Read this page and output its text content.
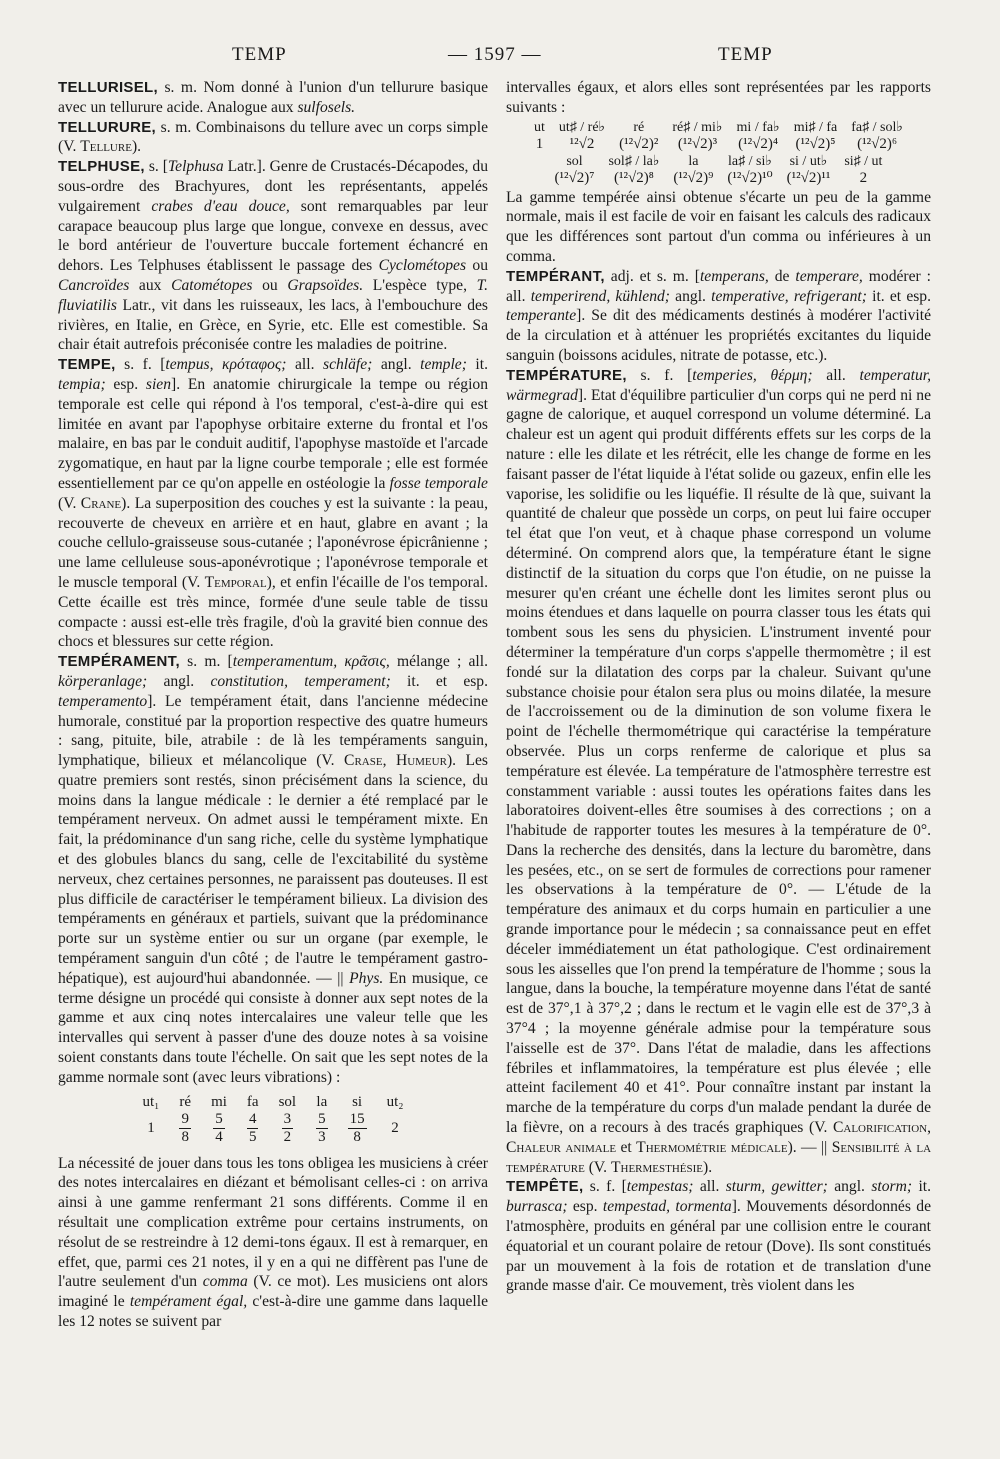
TEMP	— 1597 —	TEMP

TELLURISEL, s. m. Nom donné à l'union d'un tellurure basique avec un tellurure acide. Analogue aux sulfosels.

TELLURURE, s. m. Combinaisons du tellure avec un corps simple (V. Tellure).

TELPHUSE, s. [Telphusa Latr.]. Genre de Crustacés-Décapodes, du sous-ordre des Brachyures, dont les représentants, appelés vulgairement crabes d'eau douce, sont remarquables par leur carapace beaucoup plus large que longue, convexe en dessus, avec le bord antérieur de l'ouverture buccale fortement échancré en dehors. Les Telphuses établissent le passage des Cyclométopes ou Cancroïdes aux Catométopes ou Grapsoïdes. L'espèce type, T. fluviatilis Latr., vit dans les ruisseaux, les lacs, à l'embouchure des rivières, en Italie, en Grèce, en Syrie, etc. Elle est comestible. Sa chair était autrefois préconisée contre les maladies de poitrine.

TEMPE, s. f. [tempus, κρόταφος; all. schläfe; angl. temple; it. tempia; esp. sien]. En anatomie chirurgicale la tempe ou région temporale est celle qui répond à l'os temporal, c'est-à-dire qui est limitée en avant par l'apophyse orbitaire externe du frontal et l'os malaire, en bas par le conduit auditif, l'apophyse mastoïde et l'arcade zygomatique, en haut par la ligne courbe temporale ; elle est formée essentiellement par ce qu'on appelle en ostéologie la fosse temporale (V. Crane). La superposition des couches y est la suivante : la peau, recouverte de cheveux en arrière et en haut, glabre en avant ; la couche cellulo-graisseuse sous-cutanée ; l'aponévrose épicrânienne ; une lame celluleuse sous-aponévrotique ; l'aponévrose temporale et le muscle temporal (V. Temporal), et enfin l'écaille de l'os temporal. Cette écaille est très mince, formée d'une seule table de tissu compacte : aussi est-elle très fragile, d'où la gravité bien connue des chocs et blessures sur cette région.

TEMPÉRAMENT, s. m. [temperamentum, κρᾶσις, mélange ; all. körperanlage; angl. constitution, temperament; it. et esp. temperamento]. Le tempérament était, dans l'ancienne médecine humorale, constitué par la proportion respective des quatre humeurs : sang, pituite, bile, atrabile : de là les tempéraments sanguin, lymphatique, bilieux et mélancolique (V. Crase, Humeur). Les quatre premiers sont restés, sinon précisément dans la science, du moins dans la langue médicale : le dernier a été remplacé par le tempérament nerveux. On admet aussi le tempérament mixte. En fait, la prédominance d'un sang riche, celle du système lymphatique et des globules blancs du sang, celle de l'excitabilité du système nerveux, chez certaines personnes, ne paraissent pas douteuses. Il est plus difficile de caractériser le tempérament bilieux. La division des tempéraments en généraux et partiels, suivant que la prédominance porte sur un système entier ou sur un organe (par exemple, le tempérament sanguin d'un côté ; de l'autre le tempérament gastro-hépatique), est aujourd'hui abandonnée. — || Phys. En musique, ce terme désigne un procédé qui consiste à donner aux sept notes de la gamme et aux cinq notes intercalaires une valeur telle que les intervalles qui servent à passer d'une des douze notes à sa voisine soient constants dans toute l'échelle. On sait que les sept notes de la gamme normale sont (avec leurs vibrations) :

ut₁	ré	mi	fa	sol	la	si	ut₂
1	$\frac{9}{8}$	$\frac{5}{4}$	$\frac{4}{5}$	$\frac{3}{2}$	$\frac{5}{3}$	$\frac{15}{8}$	2

La nécessité de jouer dans tous les tons obligea les musiciens à créer des notes intercalaires en diézant et bémolisant celles-ci : on arriva ainsi à une gamme renfermant 21 sons différents. Comme il en résultait une complication extrême pour certains instruments, on résolut de se restreindre à 12 demi-tons égaux. Il est à remarquer, en effet, que, parmi ces 21 notes, il y en a qui ne diffèrent pas l'une de l'autre seulement d'un comma (V. ce mot). Les musiciens ont alors imaginé le tempérament égal, c'est-à-dire une gamme dans laquelle les 12 notes se suivent par

intervalles égaux, et alors elles sont représentées par les rapports suivants :

ut	ut♯ / ré♭	ré	ré♯ / mi♭	mi / fa♭	mi♯ / fa	fa♯ / sol♭
1	¹²√2	(¹²√2)²	(¹²√2)³	(¹²√2)⁴	(¹²√2)⁵	(¹²√2)⁶
sol	sol♯ / la♭	la	la♯ / si♭	si / ut♭	si♯ / ut
(¹²√2)⁷	(¹²√2)⁸	(¹²√2)⁹	(¹²√2)¹⁰	(¹²√2)¹¹	2

La gamme tempérée ainsi obtenue s'écarte un peu de la gamme normale, mais il est facile de voir en faisant les calculs des radicaux que les différences sont partout d'un comma ou inférieures à un comma.

TEMPÉRANT, adj. et s. m. [temperans, de temperare, modérer : all. temperirend, kühlend; angl. temperative, refrigerant; it. et esp. temperante]. Se dit des médicaments destinés à modérer l'activité de la circulation et à atténuer les propriétés excitantes du liquide sanguin (boissons acidules, nitrate de potasse, etc.).

TEMPÉRATURE, s. f. [temperies, θέρμη; all. temperatur, wärmegrad]. Etat d'équilibre particulier d'un corps qui ne perd ni ne gagne de calorique, et auquel correspond un volume déterminé. La chaleur est un agent qui produit différents effets sur les corps de la nature : elle les dilate et les rétrécit, elle les change de forme en les faisant passer de l'état liquide à l'état solide ou gazeux, enfin elle les vaporise, les solidifie ou les liquéfie. Il résulte de là que, suivant la quantité de chaleur que possède un corps, on peut lui faire occuper tel état que l'on veut, et à chaque phase correspond un volume déterminé. On comprend alors que, la température étant le signe distinctif de la situation du corps que l'on étudie, on ne puisse la mesurer qu'en créant une échelle dont les limites seront plus ou moins étendues et dans laquelle on pourra classer tous les états qui tombent sous les sens du physicien. L'instrument inventé pour déterminer la température d'un corps s'appelle thermomètre ; il est fondé sur la dilatation des corps par la chaleur. Suivant qu'une substance choisie pour étalon sera plus ou moins dilatée, la mesure de l'accroissement ou de la diminution de son volume fixera le point de l'échelle thermométrique qui caractérise la température observée. Plus un corps renferme de calorique et plus sa température est élevée. La température de l'atmosphère terrestre est constamment variable : aussi toutes les opérations faites dans les laboratoires doivent-elles être soumises à des corrections ; on a l'habitude de rapporter toutes les mesures à la température de 0°. Dans la recherche des densités, dans la lecture du baromètre, dans les pesées, etc., on se sert de formules de corrections pour ramener les observations à la température de 0°. — L'étude de la température des animaux et du corps humain en particulier a une grande importance pour le médecin ; sa connaissance peut en effet déceler immédiatement un état pathologique. C'est ordinairement sous les aisselles que l'on prend la température de l'homme ; sous la langue, dans la bouche, la température moyenne dans l'état de santé est de 37°,1 à 37°,2 ; dans le rectum et le vagin elle est de 37°,3 à 37°4 ; la moyenne générale admise pour la température sous l'aisselle est de 37°. Dans l'état de maladie, dans les affections fébriles et inflammatoires, la température est plus élevée ; elle atteint facilement 40 et 41°. Pour connaître instant par instant la marche de la température du corps d'un malade pendant la durée de la fièvre, on a recours à des tracés graphiques (V. Calorification, Chaleur animale et Thermométrie médicale). — || Sensibilité à la température (V. Thermesthésie).

TEMPÊTE, s. f. [tempestas; all. sturm, gewitter; angl. storm; it. burrasca; esp. tempestad, tormenta]. Mouvements désordonnés de l'atmosphère, produits en général par une collision entre le courant équatorial et un courant polaire de retour (Dove). Ils sont constitués par un mouvement à la fois de rotation et de translation d'une grande masse d'air. Ce mouvement, très violent dans les
